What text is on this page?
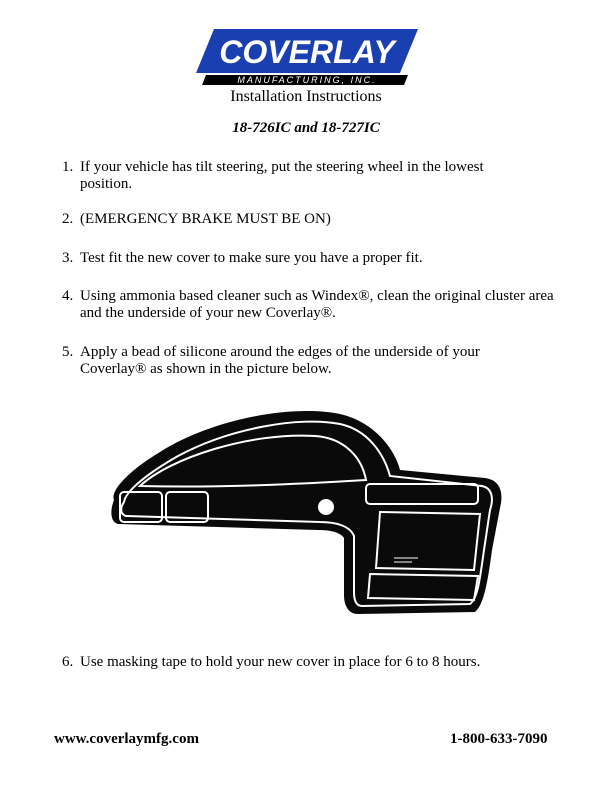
COVERLAY
MANUFACTURING, INC.
Installation Instructions
18-726IC and 18-727IC
1. If your vehicle has tilt steering, put the steering wheel in the lowest position.
2. (EMERGENCY BRAKE MUST BE ON)
3. Test fit the new cover to make sure you have a proper fit.
4. Using ammonia based cleaner such as Windex®, clean the original cluster area and the underside of your new Coverlay®.
5. Apply a bead of silicone around the edges of the underside of your Coverlay® as shown in the picture below.
6. Use masking tape to hold your new cover in place for 6 to 8 hours.
www.coverlaymfg.com	1-800-633-7090
